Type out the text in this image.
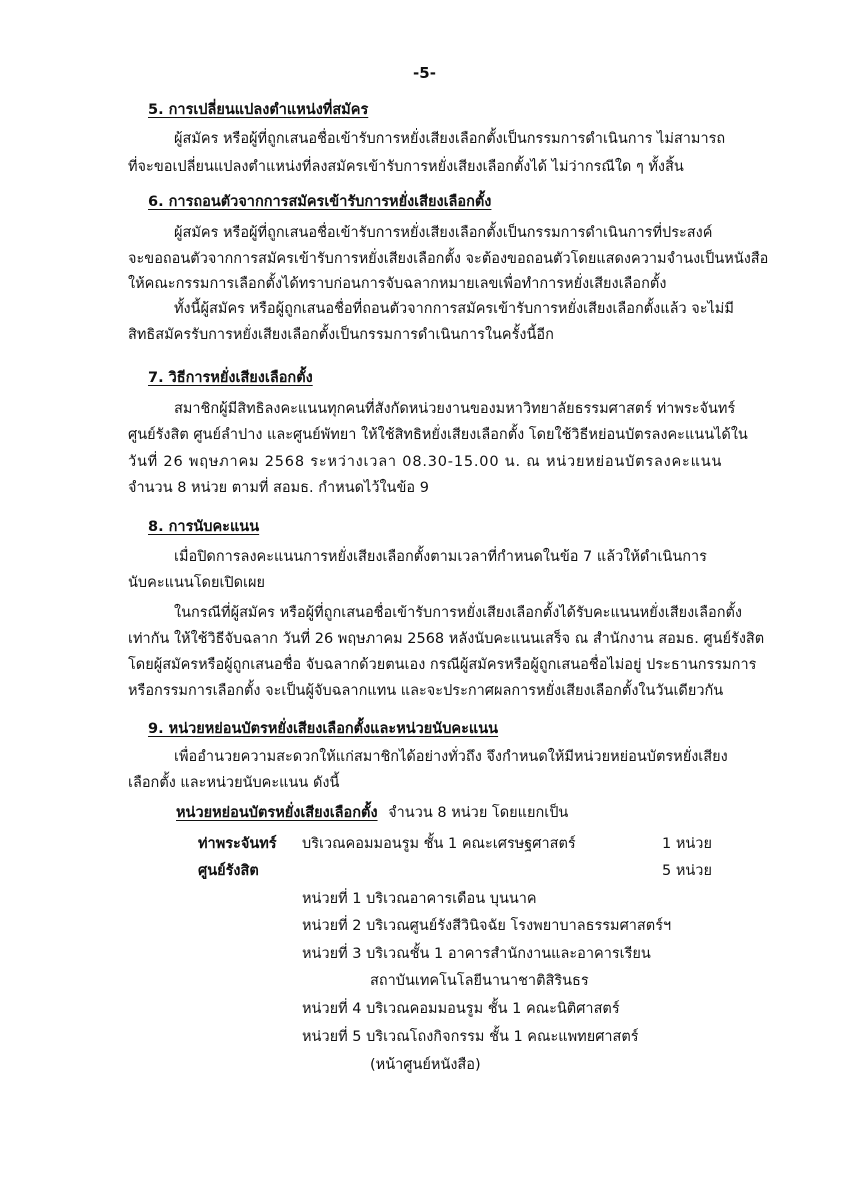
-5-
5. การเปลี่ยนแปลงตำแหน่งที่สมัคร
ผู้สมัคร หรือผู้ที่ถูกเสนอชื่อเข้ารับการหยั่งเสียงเลือกตั้งเป็นกรรมการดำเนินการ ไม่สามารถ
ที่จะขอเปลี่ยนแปลงตำแหน่งที่ลงสมัครเข้ารับการหยั่งเสียงเลือกตั้งได้ ไม่ว่ากรณีใด ๆ ทั้งสิ้น
6. การถอนตัวจากการสมัครเข้ารับการหยั่งเสียงเลือกตั้ง
ผู้สมัคร หรือผู้ที่ถูกเสนอชื่อเข้ารับการหยั่งเสียงเลือกตั้งเป็นกรรมการดำเนินการที่ประสงค์
จะขอถอนตัวจากการสมัครเข้ารับการหยั่งเสียงเลือกตั้ง จะต้องขอถอนตัวโดยแสดงความจำนงเป็นหนังสือ
ให้คณะกรรมการเลือกตั้งได้ทราบก่อนการจับฉลากหมายเลขเพื่อทำการหยั่งเสียงเลือกตั้ง
ทั้งนี้ผู้สมัคร หรือผู้ถูกเสนอชื่อที่ถอนตัวจากการสมัครเข้ารับการหยั่งเสียงเลือกตั้งแล้ว จะไม่มี
สิทธิสมัครรับการหยั่งเสียงเลือกตั้งเป็นกรรมการดำเนินการในครั้งนี้อีก
7. วิธีการหยั่งเสียงเลือกตั้ง
สมาชิกผู้มีสิทธิลงคะแนนทุกคนที่สังกัดหน่วยงานของมหาวิทยาลัยธรรมศาสตร์ ท่าพระจันทร์
ศูนย์รังสิต ศูนย์ลำปาง และศูนย์พัทยา ให้ใช้สิทธิหยั่งเสียงเลือกตั้ง โดยใช้วิธีหย่อนบัตรลงคะแนนได้ใน
วันที่ 26 พฤษภาคม 2568 ระหว่างเวลา 08.30-15.00 น. ณ หน่วยหย่อนบัตรลงคะแนน
จำนวน 8 หน่วย ตามที่ สอมธ. กำหนดไว้ในข้อ 9
8. การนับคะแนน
เมื่อปิดการลงคะแนนการหยั่งเสียงเลือกตั้งตามเวลาที่กำหนดในข้อ 7 แล้วให้ดำเนินการ
นับคะแนนโดยเปิดเผย
ในกรณีที่ผู้สมัคร หรือผู้ที่ถูกเสนอชื่อเข้ารับการหยั่งเสียงเลือกตั้งได้รับคะแนนหยั่งเสียงเลือกตั้ง
เท่ากัน ให้ใช้วิธีจับฉลาก วันที่ 26 พฤษภาคม 2568 หลังนับคะแนนเสร็จ ณ สำนักงาน สอมธ. ศูนย์รังสิต
โดยผู้สมัครหรือผู้ถูกเสนอชื่อ จับฉลากด้วยตนเอง กรณีผู้สมัครหรือผู้ถูกเสนอชื่อไม่อยู่ ประธานกรรมการ
หรือกรรมการเลือกตั้ง จะเป็นผู้จับฉลากแทน และจะประกาศผลการหยั่งเสียงเลือกตั้งในวันเดียวกัน
9. หน่วยหย่อนบัตรหยั่งเสียงเลือกตั้งและหน่วยนับคะแนน
เพื่ออำนวยความสะดวกให้แก่สมาชิกได้อย่างทั่วถึง จึงกำหนดให้มีหน่วยหย่อนบัตรหยั่งเสียง
เลือกตั้ง และหน่วยนับคะแนน ดังนี้
หน่วยหย่อนบัตรหยั่งเสียงเลือกตั้ง จำนวน 8 หน่วย โดยแยกเป็น
ท่าพระจันทร์ บริเวณคอมมอนรูม ชั้น 1 คณะเศรษฐศาสตร์	1 หน่วย
ศูนย์รังสิต	5 หน่วย
หน่วยที่ 1 บริเวณอาคารเดือน บุนนาค
หน่วยที่ 2 บริเวณศูนย์รังสีวินิจฉัย โรงพยาบาลธรรมศาสตร์ฯ
หน่วยที่ 3 บริเวณชั้น 1 อาคารสำนักงานและอาคารเรียน
สถาบันเทคโนโลยีนานาชาติสิรินธร
หน่วยที่ 4 บริเวณคอมมอนรูม ชั้น 1 คณะนิติศาสตร์
หน่วยที่ 5 บริเวณโถงกิจกรรม ชั้น 1 คณะแพทยศาสตร์
(หน้าศูนย์หนังสือ)
